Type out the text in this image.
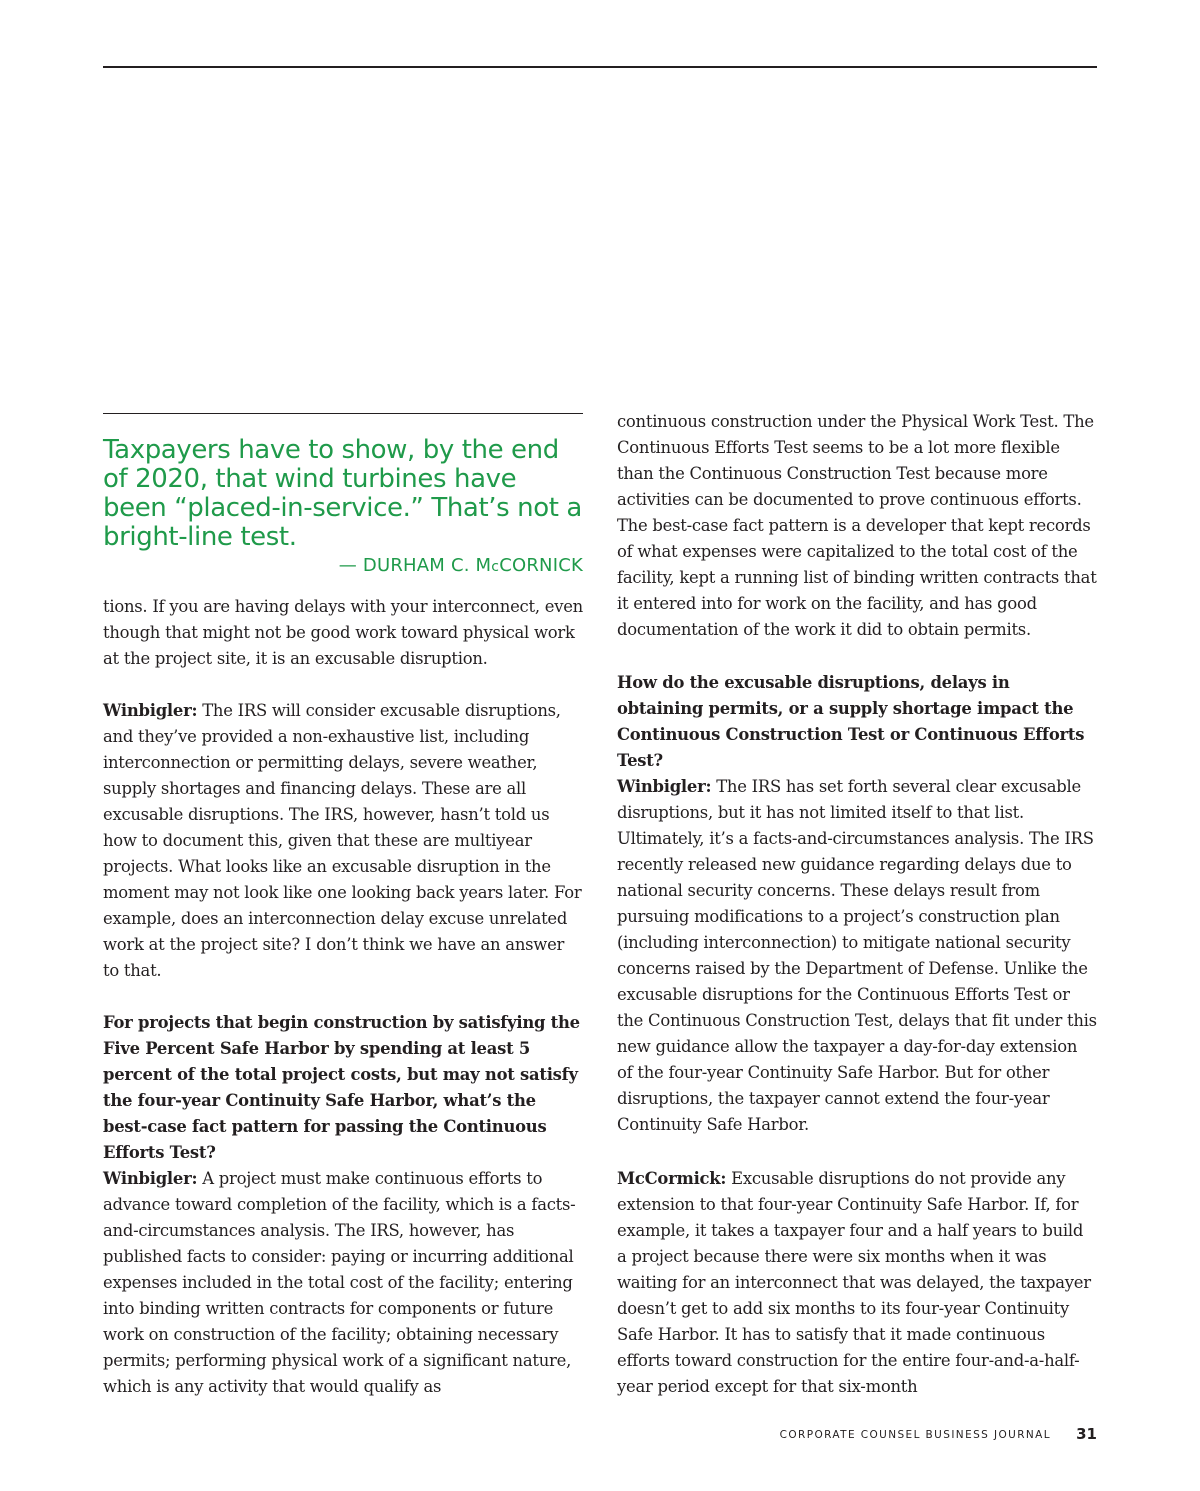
Taxpayers have to show, by the end of 2020, that wind turbines have been “placed-in-service.” That’s not a bright-line test.
— DURHAM C. McCORNICK

tions. If you are having delays with your interconnect, even though that might not be good work toward physical work at the project site, it is an excusable disruption.

Winbigler: The IRS will consider excusable disruptions, and they’ve provided a non-exhaustive list, including interconnection or permitting delays, severe weather, supply shortages and financing delays. These are all excusable disruptions. The IRS, however, hasn’t told us how to document this, given that these are multiyear projects. What looks like an excusable disruption in the moment may not look like one looking back years later. For example, does an interconnection delay excuse unrelated work at the project site? I don’t think we have an answer to that.

For projects that begin construction by satisfying the Five Percent Safe Harbor by spending at least 5 percent of the total project costs, but may not satisfy the four-year Continuity Safe Harbor, what’s the best-case fact pattern for passing the Continuous Efforts Test?

Winbigler: A project must make continuous efforts to advance toward completion of the facility, which is a facts-and-circumstances analysis. The IRS, however, has published facts to consider: paying or incurring additional expenses included in the total cost of the facility; entering into binding written contracts for components or future work on construction of the facility; obtaining necessary permits; performing physical work of a significant nature, which is any activity that would qualify as

continuous construction under the Physical Work Test. The Continuous Efforts Test seems to be a lot more flexible than the Continuous Construction Test because more activities can be documented to prove continuous efforts. The best-case fact pattern is a developer that kept records of what expenses were capitalized to the total cost of the facility, kept a running list of binding written contracts that it entered into for work on the facility, and has good documentation of the work it did to obtain permits.

How do the excusable disruptions, delays in obtaining permits, or a supply shortage impact the Continuous Construction Test or Continuous Efforts Test?

Winbigler: The IRS has set forth several clear excusable disruptions, but it has not limited itself to that list. Ultimately, it’s a facts-and-circumstances analysis. The IRS recently released new guidance regarding delays due to national security concerns. These delays result from pursuing modifications to a project’s construction plan (including interconnection) to mitigate national security concerns raised by the Department of Defense. Unlike the excusable disruptions for the Continuous Efforts Test or the Continuous Construction Test, delays that fit under this new guidance allow the taxpayer a day-for-day extension of the four-year Continuity Safe Harbor. But for other disruptions, the taxpayer cannot extend the four-year Continuity Safe Harbor.

McCormick: Excusable disruptions do not provide any extension to that four-year Continuity Safe Harbor. If, for example, it takes a taxpayer four and a half years to build a project because there were six months when it was waiting for an interconnect that was delayed, the taxpayer doesn’t get to add six months to its four-year Continuity Safe Harbor. It has to satisfy that it made continuous efforts toward construction for the entire four-and-a-half-year period except for that six-month

CORPORATE COUNSEL BUSINESS JOURNAL 31
